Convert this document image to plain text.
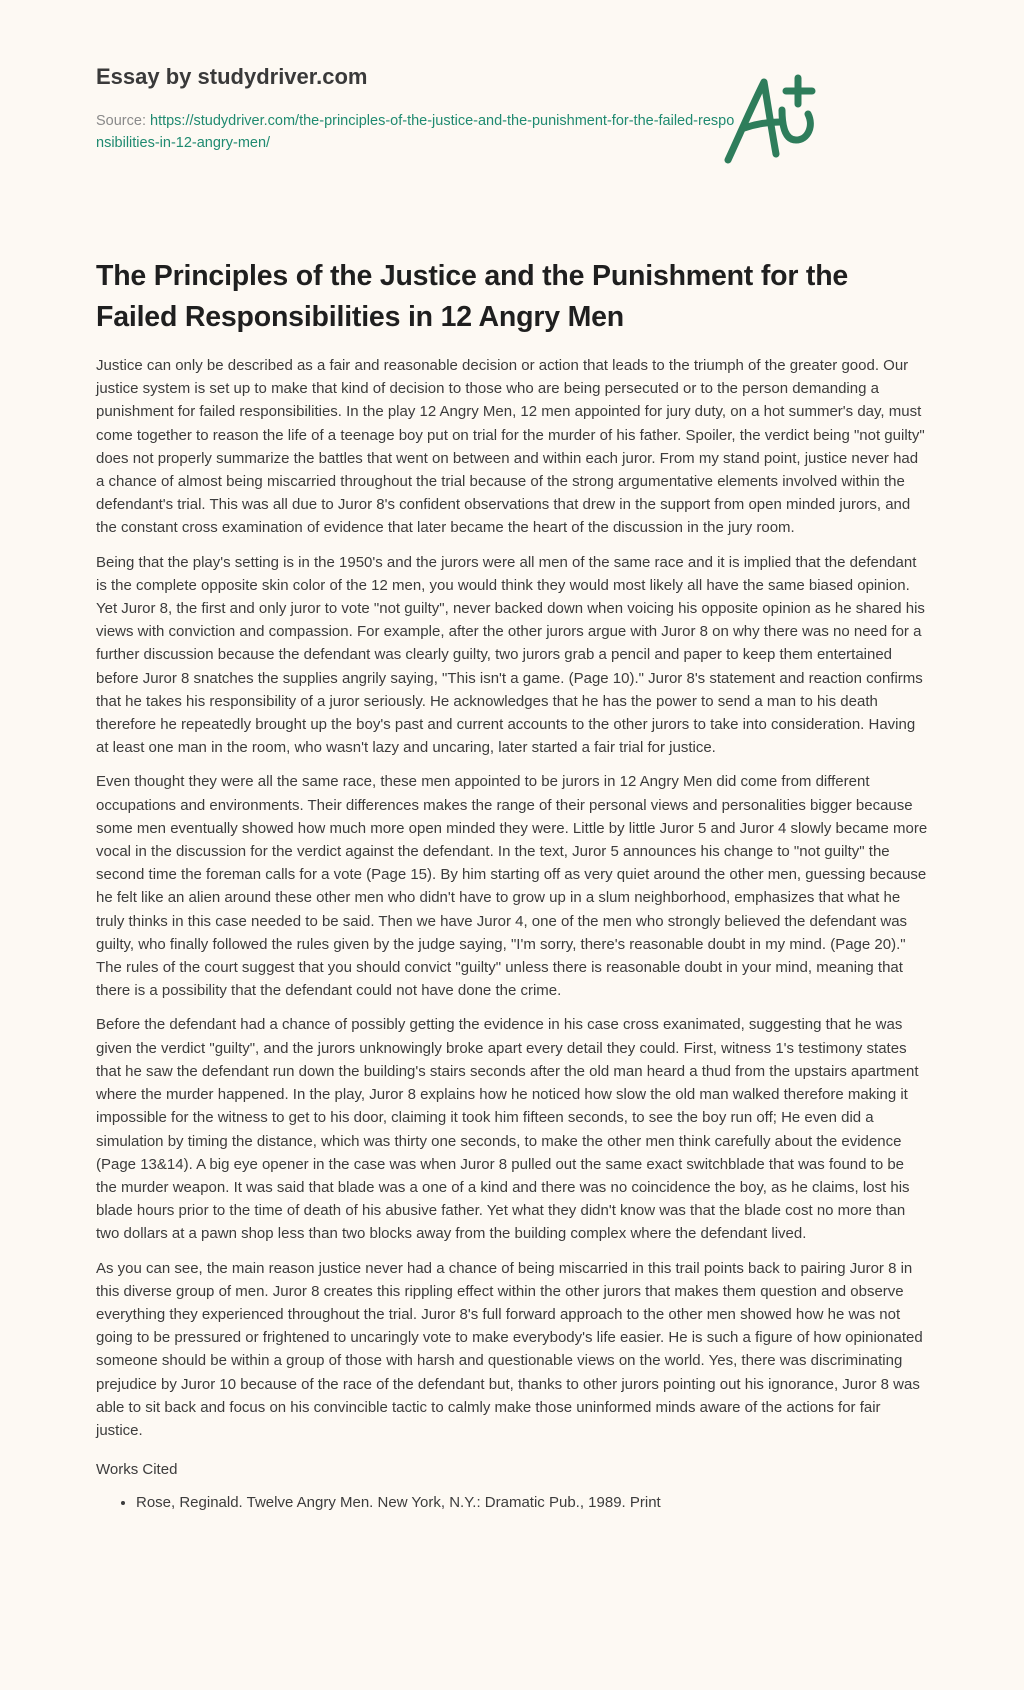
Essay by studydriver.com
Source: https://studydriver.com/the-principles-of-the-justice-and-the-punishment-for-the-failed-responsibilities-in-12-angry-men/
The Principles of the Justice and the Punishment for the Failed Responsibilities in 12 Angry Men

Justice can only be described as a fair and reasonable decision or action that leads to the triumph of the greater good. Our justice system is set up to make that kind of decision to those who are being persecuted or to the person demanding a punishment for failed responsibilities. In the play 12 Angry Men, 12 men appointed for jury duty, on a hot summer's day, must come together to reason the life of a teenage boy put on trial for the murder of his father. Spoiler, the verdict being "not guilty" does not properly summarize the battles that went on between and within each juror. From my stand point, justice never had a chance of almost being miscarried throughout the trial because of the strong argumentative elements involved within the defendant's trial. This was all due to Juror 8's confident observations that drew in the support from open minded jurors, and the constant cross examination of evidence that later became the heart of the discussion in the jury room.

Being that the play's setting is in the 1950's and the jurors were all men of the same race and it is implied that the defendant is the complete opposite skin color of the 12 men, you would think they would most likely all have the same biased opinion. Yet Juror 8, the first and only juror to vote "not guilty", never backed down when voicing his opposite opinion as he shared his views with conviction and compassion. For example, after the other jurors argue with Juror 8 on why there was no need for a further discussion because the defendant was clearly guilty, two jurors grab a pencil and paper to keep them entertained before Juror 8 snatches the supplies angrily saying, "This isn't a game. (Page 10)." Juror 8's statement and reaction confirms that he takes his responsibility of a juror seriously. He acknowledges that he has the power to send a man to his death therefore he repeatedly brought up the boy's past and current accounts to the other jurors to take into consideration. Having at least one man in the room, who wasn't lazy and uncaring, later started a fair trial for justice.

Even thought they were all the same race, these men appointed to be jurors in 12 Angry Men did come from different occupations and environments. Their differences makes the range of their personal views and personalities bigger because some men eventually showed how much more open minded they were. Little by little Juror 5 and Juror 4 slowly became more vocal in the discussion for the verdict against the defendant. In the text, Juror 5 announces his change to "not guilty" the second time the foreman calls for a vote (Page 15). By him starting off as very quiet around the other men, guessing because he felt like an alien around these other men who didn't have to grow up in a slum neighborhood, emphasizes that what he truly thinks in this case needed to be said. Then we have Juror 4, one of the men who strongly believed the defendant was guilty, who finally followed the rules given by the judge saying, "I'm sorry, there's reasonable doubt in my mind. (Page 20)." The rules of the court suggest that you should convict "guilty" unless there is reasonable doubt in your mind, meaning that there is a possibility that the defendant could not have done the crime.

Before the defendant had a chance of possibly getting the evidence in his case cross exanimated, suggesting that he was given the verdict "guilty", and the jurors unknowingly broke apart every detail they could. First, witness 1's testimony states that he saw the defendant run down the building's stairs seconds after the old man heard a thud from the upstairs apartment where the murder happened. In the play, Juror 8 explains how he noticed how slow the old man walked therefore making it impossible for the witness to get to his door, claiming it took him fifteen seconds, to see the boy run off; He even did a simulation by timing the distance, which was thirty one seconds, to make the other men think carefully about the evidence (Page 13&14). A big eye opener in the case was when Juror 8 pulled out the same exact switchblade that was found to be the murder weapon. It was said that blade was a one of a kind and there was no coincidence the boy, as he claims, lost his blade hours prior to the time of death of his abusive father. Yet what they didn't know was that the blade cost no more than two dollars at a pawn shop less than two blocks away from the building complex where the defendant lived.

As you can see, the main reason justice never had a chance of being miscarried in this trail points back to pairing Juror 8 in this diverse group of men. Juror 8 creates this rippling effect within the other jurors that makes them question and observe everything they experienced throughout the trial. Juror 8's full forward approach to the other men showed how he was not going to be pressured or frightened to uncaringly vote to make everybody's life easier. He is such a figure of how opinionated someone should be within a group of those with harsh and questionable views on the world. Yes, there was discriminating prejudice by Juror 10 because of the race of the defendant but, thanks to other jurors pointing out his ignorance, Juror 8 was able to sit back and focus on his convincible tactic to calmly make those uninformed minds aware of the actions for fair justice.

Works Cited
• Rose, Reginald. Twelve Angry Men. New York, N.Y.: Dramatic Pub., 1989. Print
